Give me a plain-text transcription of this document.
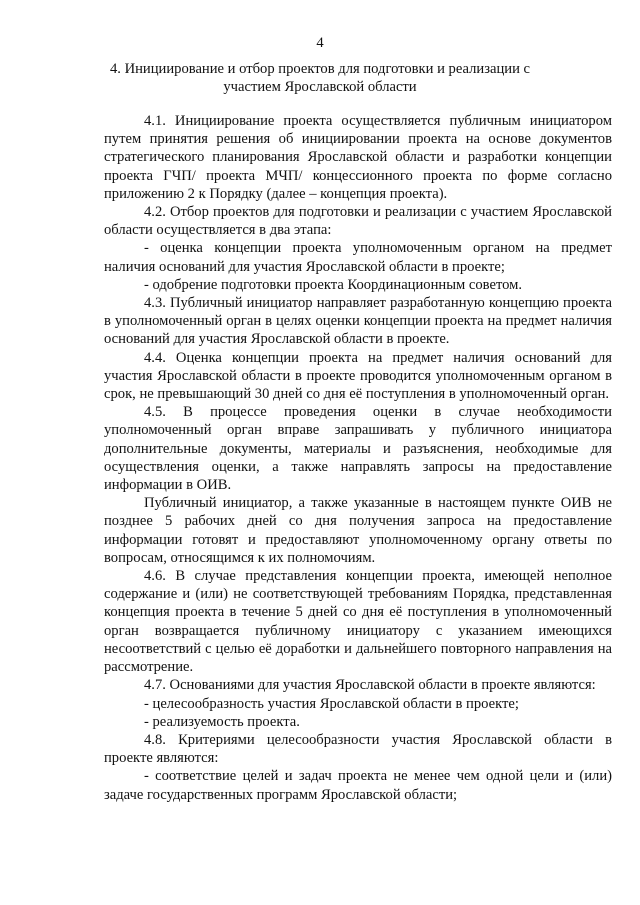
4
4. Инициирование и отбор проектов для подготовки и реализации с участием Ярославской области

4.1. Инициирование проекта осуществляется публичным инициатором путем принятия решения об инициировании проекта на основе документов стратегического планирования Ярославской области и разработки концепции проекта ГЧП/ проекта МЧП/ концессионного проекта по форме согласно приложению 2 к Порядку (далее – концепция проекта).

4.2. Отбор проектов для подготовки и реализации с участием Ярославской области осуществляется в два этапа:

- оценка концепции проекта уполномоченным органом на предмет наличия оснований для участия Ярославской области в проекте;

- одобрение подготовки проекта Координационным советом.

4.3. Публичный инициатор направляет разработанную концепцию проекта в уполномоченный орган в целях оценки концепции проекта на предмет наличия оснований для участия Ярославской области в проекте.

4.4. Оценка концепции проекта на предмет наличия оснований для участия Ярославской области в проекте проводится уполномоченным органом в срок, не превышающий 30 дней со дня её поступления в уполномоченный орган.

4.5. В процессе проведения оценки в случае необходимости уполномоченный орган вправе запрашивать у публичного инициатора дополнительные документы, материалы и разъяснения, необходимые для осуществления оценки, а также направлять запросы на предоставление информации в ОИВ.

Публичный инициатор, а также указанные в настоящем пункте ОИВ не позднее 5 рабочих дней со дня получения запроса на предоставление информации готовят и предоставляют уполномоченному органу ответы по вопросам, относящимся к их полномочиям.

4.6. В случае представления концепции проекта, имеющей неполное содержание и (или) не соответствующей требованиям Порядка, представленная концепция проекта в течение 5 дней со дня её поступления в уполномоченный орган возвращается публичному инициатору с указанием имеющихся несоответствий с целью её доработки и дальнейшего повторного направления на рассмотрение.

4.7. Основаниями для участия Ярославской области в проекте являются:

- целесообразность участия Ярославской области в проекте;

- реализуемость проекта.

4.8. Критериями целесообразности участия Ярославской области в проекте являются:

- соответствие целей и задач проекта не менее чем одной цели и (или) задаче государственных программ Ярославской области;
